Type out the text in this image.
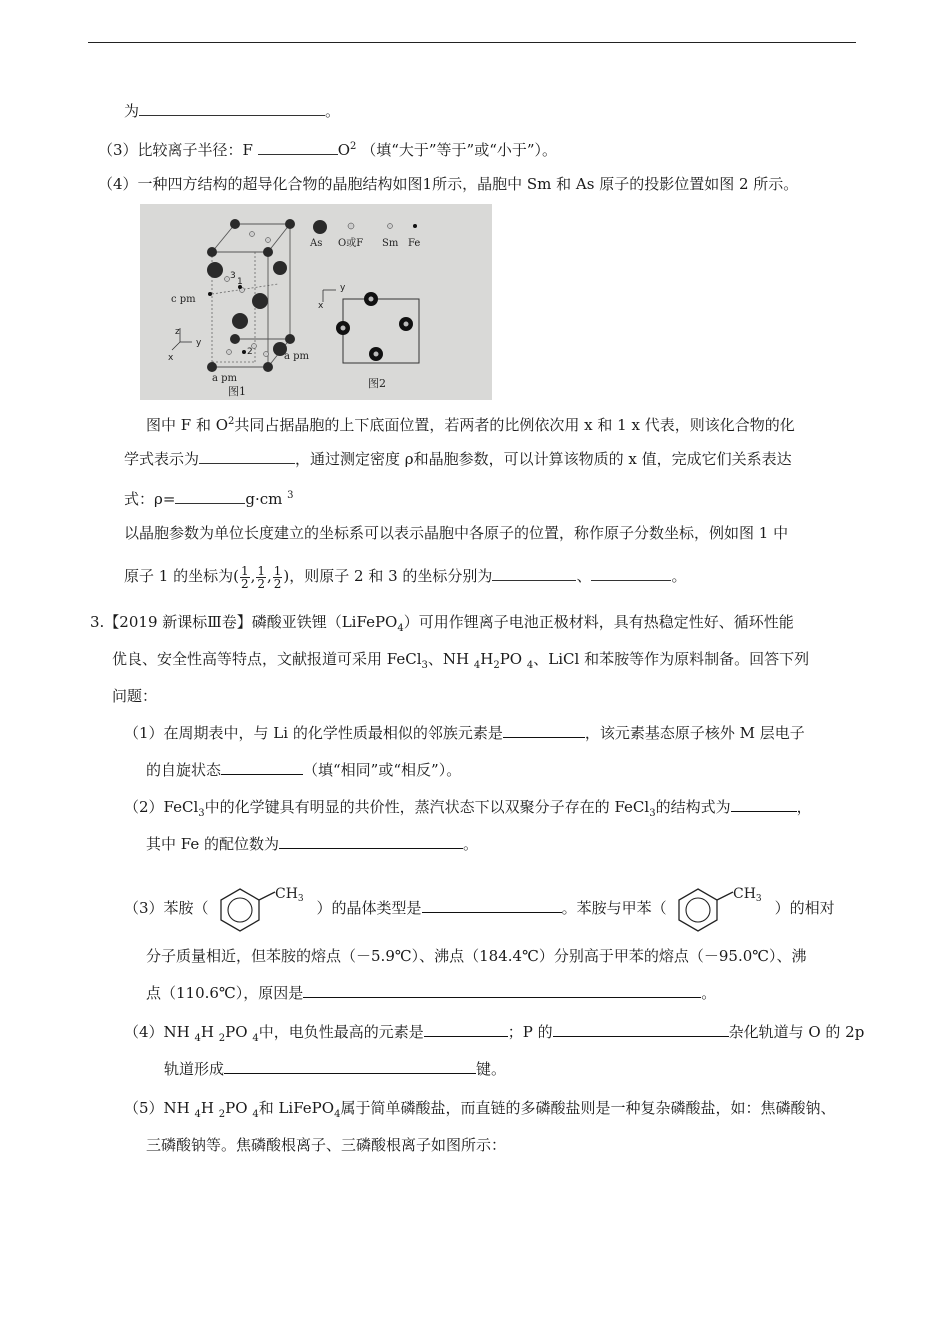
为	。
（3）比较离子半径：F	$O^2$ （填“大于”等于”或“小于”）。
（4）一种四方结构的超导化合物的晶胞结构如图1所示，晶胞中 Sm 和 As 原子的投影位置如图 2 所示。
z
x
y
x
y
c pm
a pm
a pm
1
2
3
As O或F Sm Fe
图1
图2
图中 F 和 $O^2$共同占据晶胞的上下底面位置，若两者的比例依次用 x 和 1 x 代表，则该化合物的化
学式表示为	，通过测定密度 ρ和晶胞参数，可以计算该物质的 x 值，完成它们关系表达
式：ρ=	g·cm $^3$
以晶胞参数为单位长度建立的坐标系可以表示晶胞中各原子的位置，称作原子分数坐标，例如图 1 中
原子 1 的坐标为( $\frac{1}{2}$ , $\frac{1}{2}$ , $\frac{1}{2}$ )，则原子 2 和 3 的坐标分别为	、	。
3.【2019 新课标Ⅲ卷】磷酸亚铁锂（LiFePO$_4$）可用作锂离子电池正极材料，具有热稳定性好、循环性能
优良、安全性高等特点，文献报道可采用 FeCl$_3$、NH $_4H_2PO$ $_4$、LiCl 和苯胺等作为原料制备。回答下列
问题：
（1）在周期表中，与 Li 的化学性质最相似的邻族元素是	，该元素基态原子核外 M 层电子
的自旋状态	（填“相同”或“相反”）。
（2）FeCl$_3$中的化学键具有明显的共价性，蒸汽状态下以双聚分子存在的 FeCl$_3$的结构式为	，
其中 Fe 的配位数为	。
（3）苯胺（
$CH_3$ ）的晶体类型是	。苯胺与甲苯（
$CH_3$ ）的相对
分子质量相近，但苯胺的熔点（－5.9℃）、沸点（184.4℃）分别高于甲苯的熔点（－95.0℃）、沸
点（110.6℃），原因是	。
（4）NH $_4$H $_2$PO $_4$中，电负性最高的元素是	；P 的	杂化轨道与 O 的 2p
轨道形成	键。
（5）NH $_4$H $_2$PO $_4$和 LiFePO$_4$属于简单磷酸盐，而直链的多磷酸盐则是一种复杂磷酸盐，如：焦磷酸钠、
三磷酸钠等。焦磷酸根离子、三磷酸根离子如图所示：
